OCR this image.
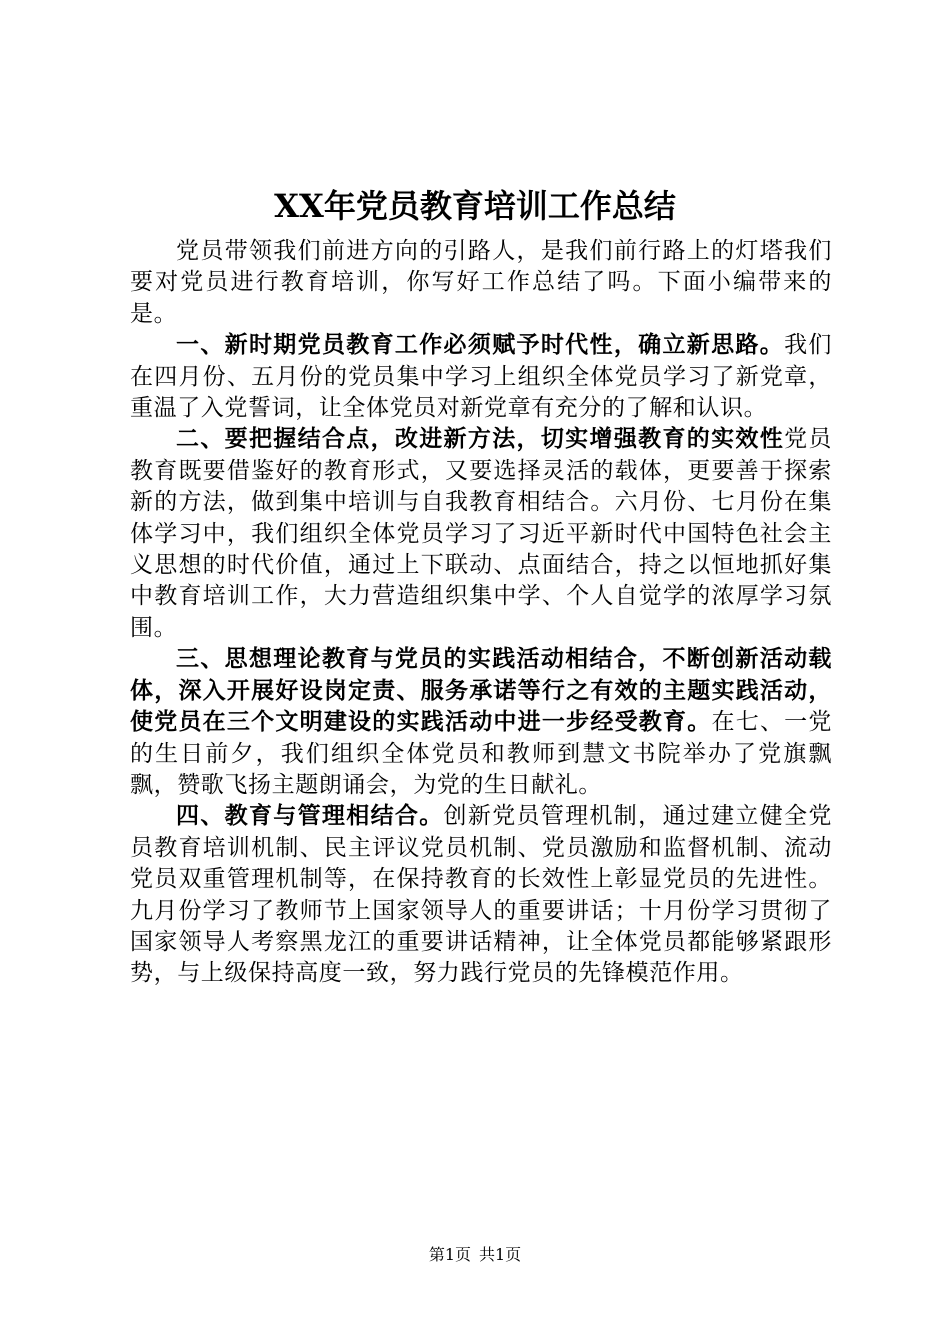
XX年党员教育培训工作总结

党员带领我们前进方向的引路人，是我们前行路上的灯塔我们要对党员进行教育培训，你写好工作总结了吗。下面小编带来的是。

一、新时期党员教育工作必须赋予时代性，确立新思路。我们在四月份、五月份的党员集中学习上组织全体党员学习了新党章，重温了入党誓词，让全体党员对新党章有充分的了解和认识。

二、要把握结合点，改进新方法，切实增强教育的实效性党员教育既要借鉴好的教育形式，又要选择灵活的载体，更要善于探索新的方法，做到集中培训与自我教育相结合。六月份、七月份在集体学习中，我们组织全体党员学习了习近平新时代中国特色社会主义思想的时代价值，通过上下联动、点面结合，持之以恒地抓好集中教育培训工作，大力营造组织集中学、个人自觉学的浓厚学习氛围。

三、思想理论教育与党员的实践活动相结合，不断创新活动载体，深入开展好设岗定责、服务承诺等行之有效的主题实践活动，使党员在三个文明建设的实践活动中进一步经受教育。在七、一党的生日前夕，我们组织全体党员和教师到慧文书院举办了党旗飘飘，赞歌飞扬主题朗诵会，为党的生日献礼。

四、教育与管理相结合。创新党员管理机制，通过建立健全党员教育培训机制、民主评议党员机制、党员激励和监督机制、流动党员双重管理机制等，在保持教育的长效性上彰显党员的先进性。九月份学习了教师节上国家领导人的重要讲话；十月份学习贯彻了国家领导人考察黑龙江的重要讲话精神，让全体党员都能够紧跟形势，与上级保持高度一致，努力践行党员的先锋模范作用。

第1页 共1页
